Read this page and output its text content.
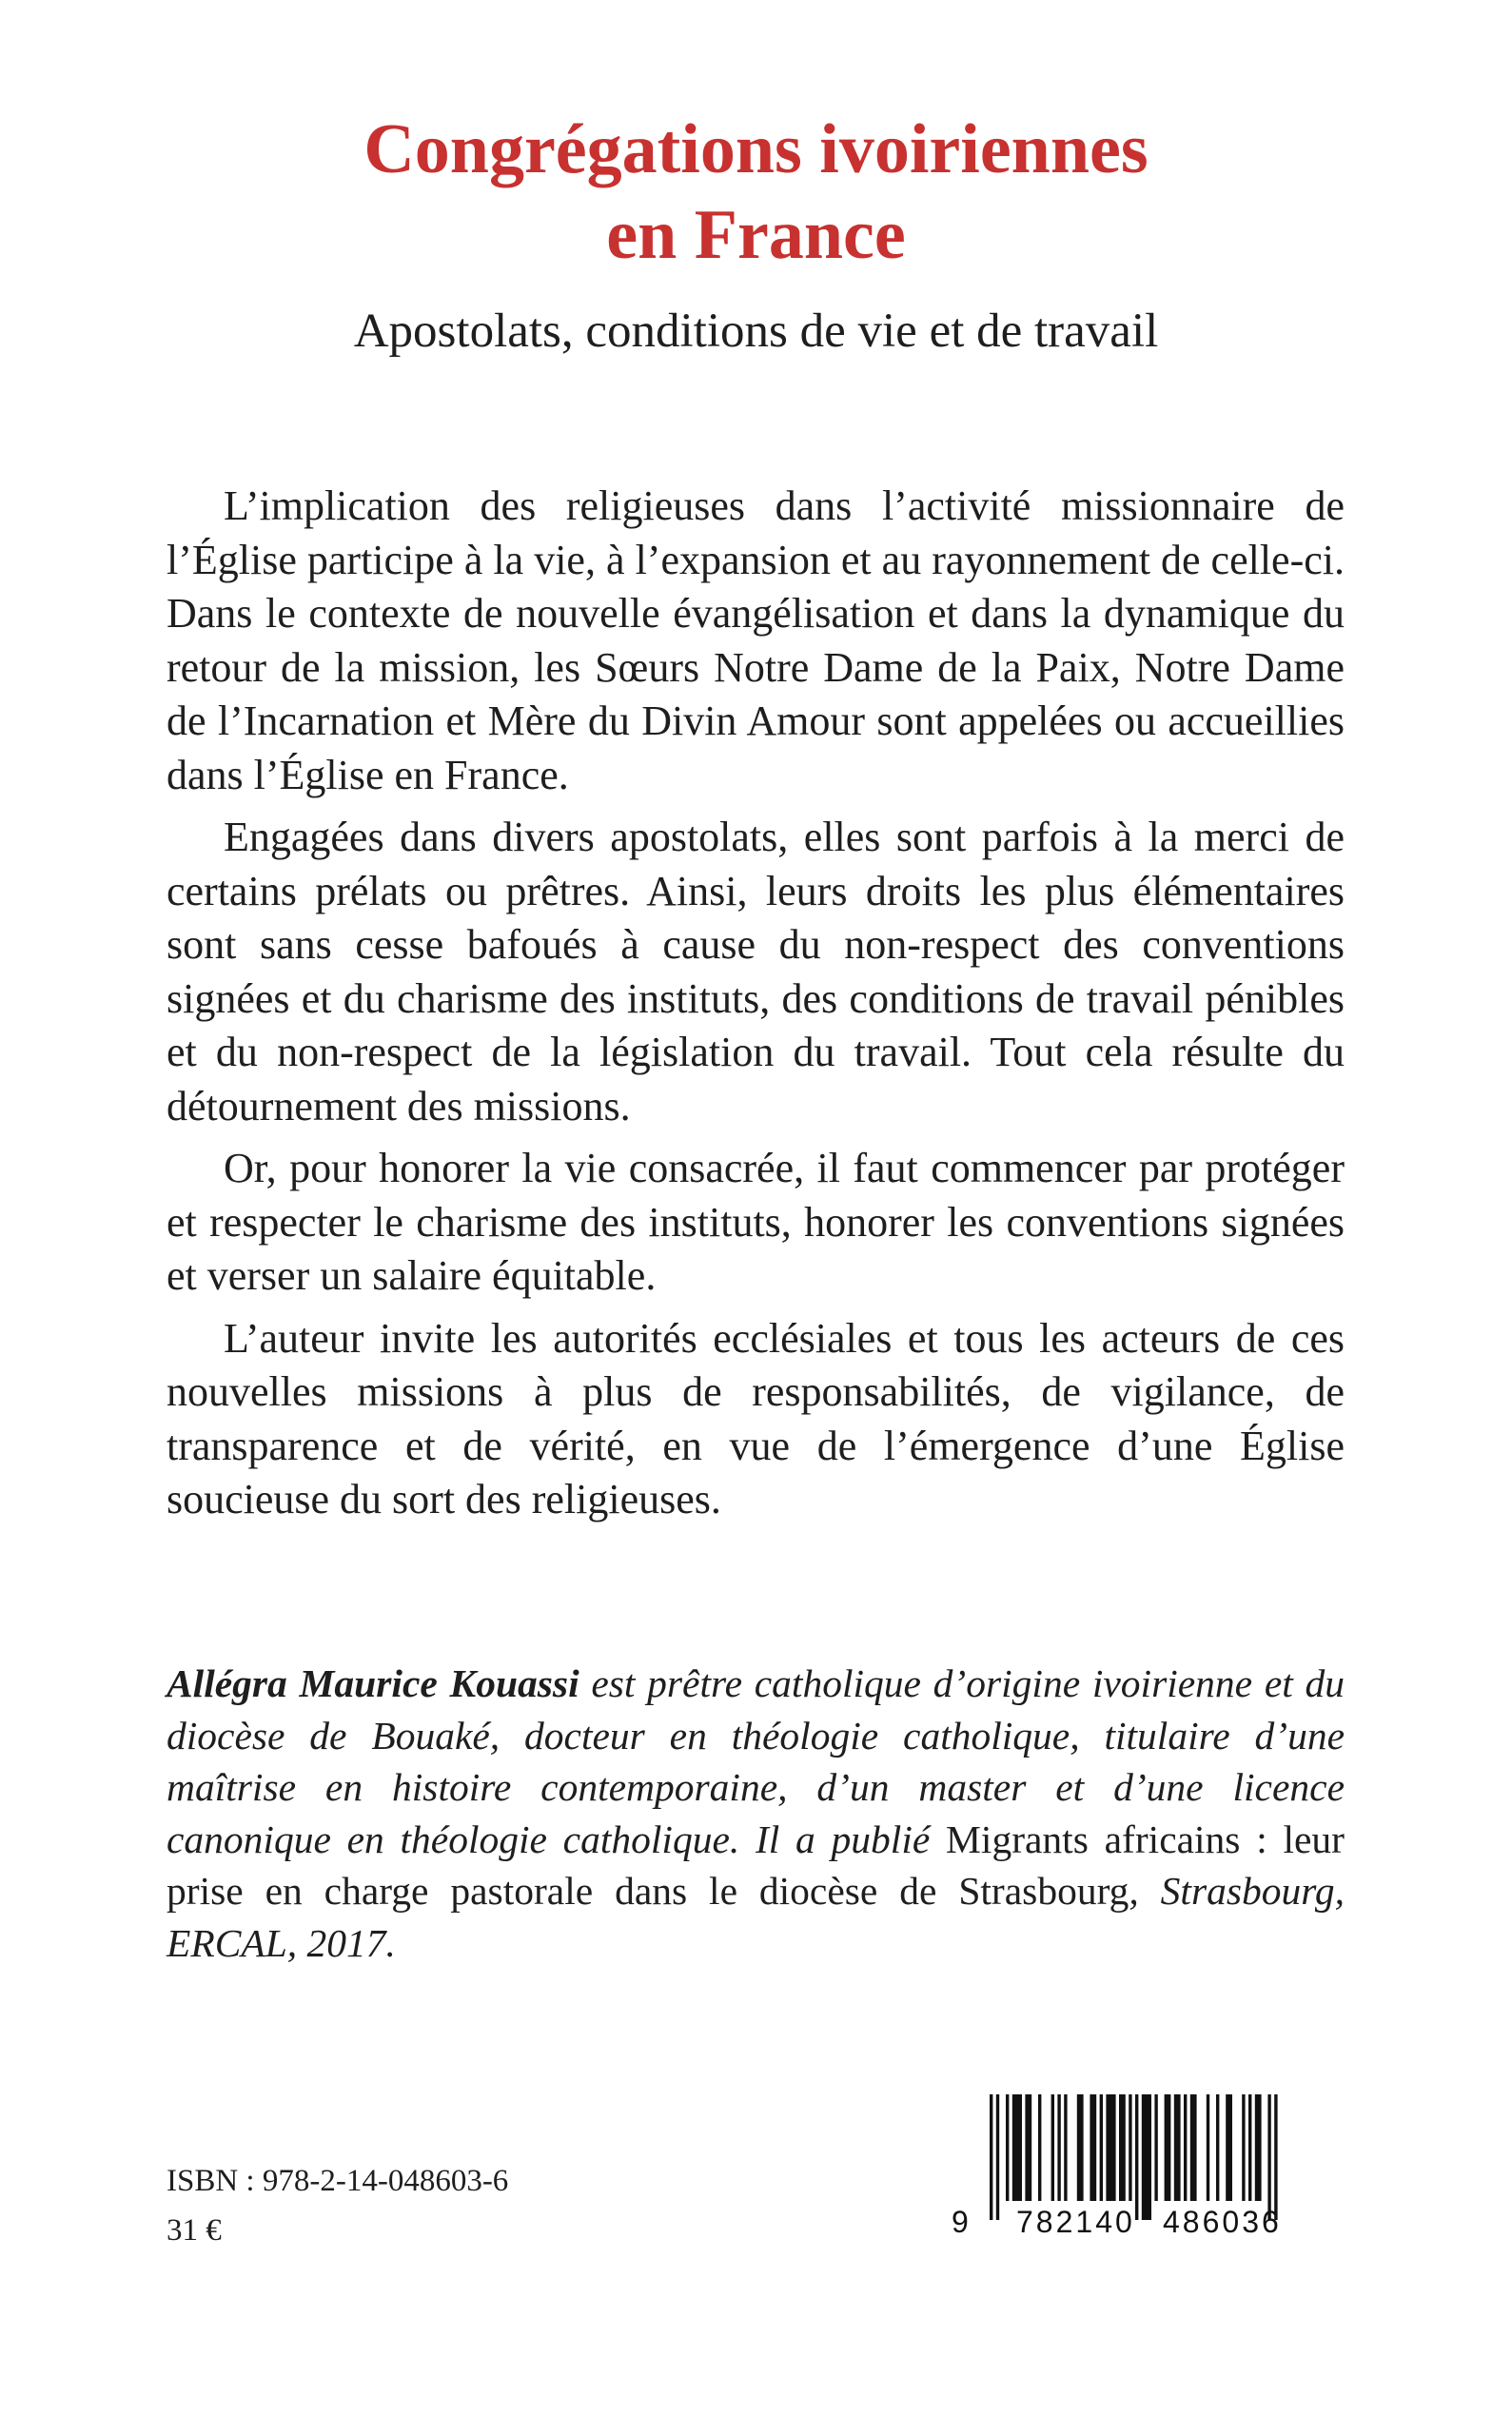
Congrégations ivoiriennes
en France
Apostolats, conditions de vie et de travail

L’implication des religieuses dans l’activité missionnaire de l’Église participe à la vie, à l’expansion et au rayonnement de celle-ci. Dans le contexte de nouvelle évangélisation et dans la dynamique du retour de la mission, les Sœurs Notre Dame de la Paix, Notre Dame de l’Incarnation et Mère du Divin Amour sont appelées ou accueillies dans l’Église en France.

Engagées dans divers apostolats, elles sont parfois à la merci de certains prélats ou prêtres. Ainsi, leurs droits les plus élémentaires sont sans cesse bafoués à cause du non-respect des conventions signées et du charisme des instituts, des conditions de travail pénibles et du non-respect de la législation du travail. Tout cela résulte du détournement des missions.

Or, pour honorer la vie consacrée, il faut commencer par protéger et respecter le charisme des instituts, honorer les conventions signées et verser un salaire équitable.

L’auteur invite les autorités ecclésiales et tous les acteurs de ces nouvelles missions à plus de responsabilités, de vigilance, de transparence et de vérité, en vue de l’émergence d’une Église soucieuse du sort des religieuses.

Allégra Maurice Kouassi est prêtre catholique d’origine ivoirienne et du diocèse de Bouaké, docteur en théologie catholique, titulaire d’une maîtrise en histoire contemporaine, d’un master et d’une licence canonique en théologie catholique. Il a publié Migrants africains : leur prise en charge pastorale dans le diocèse de Strasbourg, Strasbourg, ERCAL, 2017.
ISBN : 978-2-14-048603-6
31 €	9 782140 486036
